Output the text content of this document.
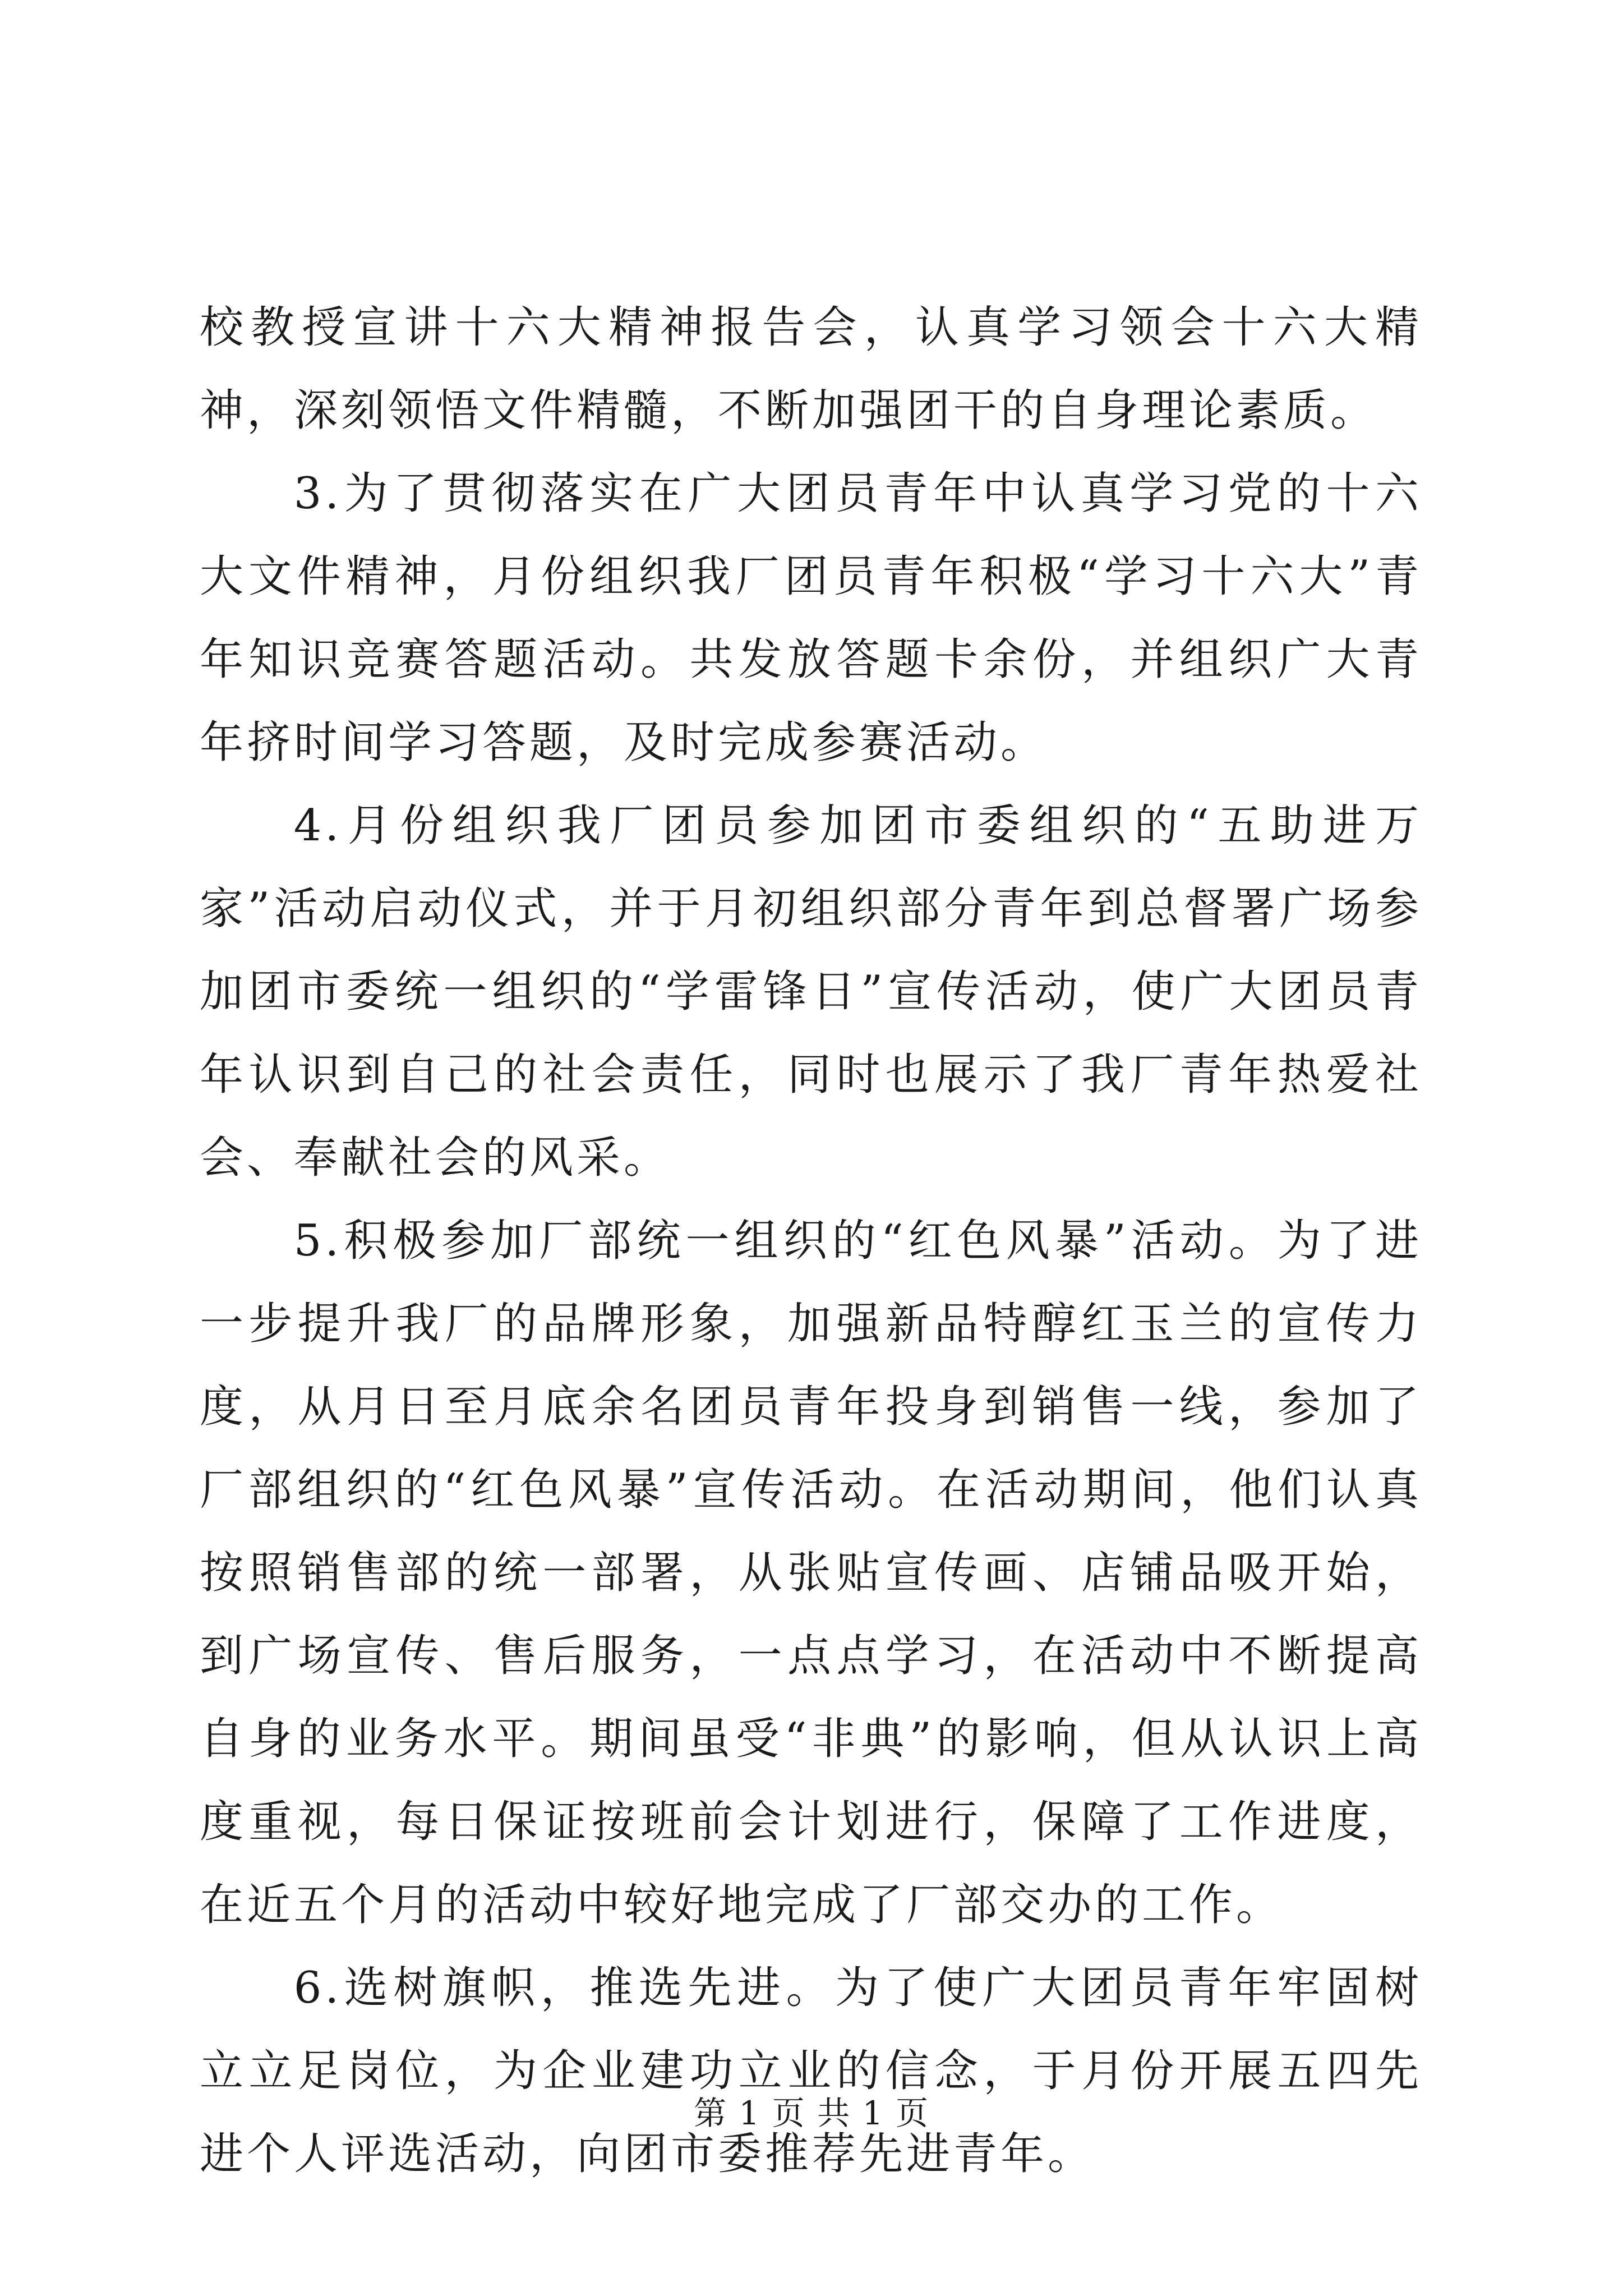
校教授宣讲十六大精神报告会，认真学习领会十六大精神，深刻领悟文件精髓，不断加强团干的自身理论素质。

3.为了贯彻落实在广大团员青年中认真学习党的十六大文件精神，月份组织我厂团员青年积极“学习十六大”青年知识竞赛答题活动。共发放答题卡余份，并组织广大青年挤时间学习答题，及时完成参赛活动。

4.月份组织我厂团员参加团市委组织的“五助进万家”活动启动仪式，并于月初组织部分青年到总督署广场参加团市委统一组织的“学雷锋日”宣传活动，使广大团员青年认识到自己的社会责任，同时也展示了我厂青年热爱社会、奉献社会的风采。

5.积极参加厂部统一组织的“红色风暴”活动。为了进一步提升我厂的品牌形象，加强新品特醇红玉兰的宣传力度，从月日至月底余名团员青年投身到销售一线，参加了厂部组织的“红色风暴”宣传活动。在活动期间，他们认真按照销售部的统一部署，从张贴宣传画、店铺品吸开始，到广场宣传、售后服务，一点点学习，在活动中不断提高自身的业务水平。期间虽受“非典”的影响，但从认识上高度重视，每日保证按班前会计划进行，保障了工作进度，在近五个月的活动中较好地完成了厂部交办的工作。

6.选树旗帜，推选先进。为了使广大团员青年牢固树立立足岗位，为企业建功立业的信念，于月份开展五四先进个人评选活动，向团市委推荐先进青年。

第 1 页 共 1 页
